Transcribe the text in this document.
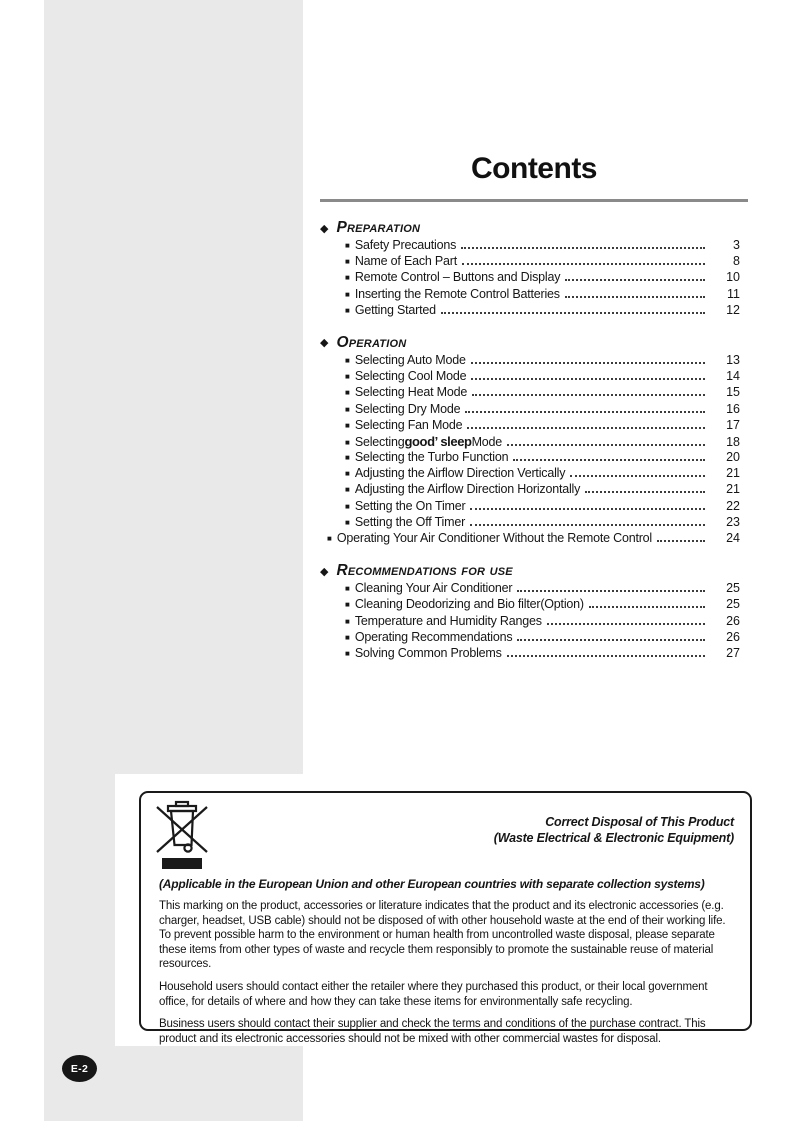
Contents
◆ Preparation
■ Safety Precautions	3
■ Name of Each Part	8
■ Remote Control – Buttons and Display	10
■ Inserting the Remote Control Batteries	11
■ Getting Started	12
◆ Operation
■ Selecting Auto Mode	13
■ Selecting Cool Mode	14
■ Selecting Heat Mode	15
■ Selecting Dry Mode	16
■ Selecting Fan Mode	17
■ Selecting good’ sleep Mode	18
■ Selecting the Turbo Function	20
■ Adjusting the Airflow Direction Vertically	21
■ Adjusting the Airflow Direction Horizontally	21
■ Setting the On Timer	22
■ Setting the Off Timer	23
■ Operating Your Air Conditioner Without the Remote Control	24
◆ Recommendations for use
■ Cleaning Your Air Conditioner	25
■ Cleaning Deodorizing and Bio filter(Option)	25
■ Temperature and Humidity Ranges	26
■ Operating Recommendations	26
■ Solving Common Problems	27
Correct Disposal of This Product
(Waste Electrical & Electronic Equipment)
(Applicable in the European Union and other European countries with separate collection systems)

This marking on the product, accessories or literature indicates that the product and its electronic accessories (e.g. charger, headset, USB cable) should not be disposed of with other household waste at the end of their working life. To prevent possible harm to the environment or human health from uncontrolled waste disposal, please separate these items from other types of waste and recycle them responsibly to promote the sustainable reuse of material resources.

Household users should contact either the retailer where they purchased this product, or their local government office, for details of where and how they can take these items for environmentally safe recycling.

Business users should contact their supplier and check the terms and conditions of the purchase contract. This product and its electronic accessories should not be mixed with other commercial wastes for disposal.

E-2
